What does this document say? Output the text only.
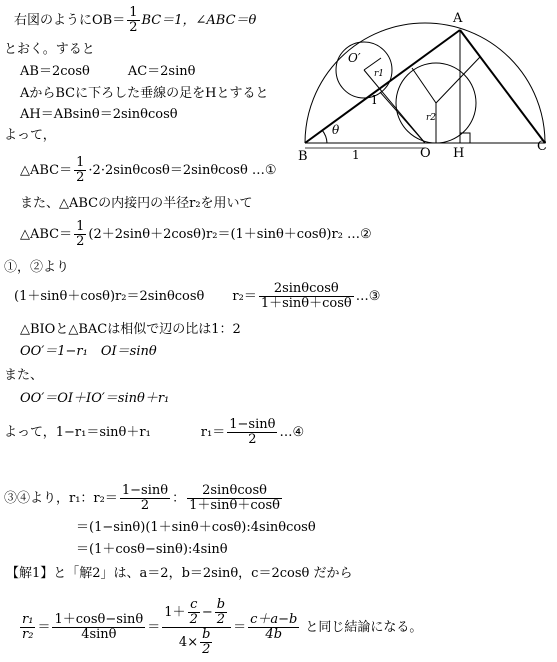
A
B
C
O H
I
O′
θ
1
r1
r2
右図のように$OB= \frac{1}{2} BC=1$，∠ABC＝θ
とおく。すると
AB＝2cosθ	AC＝2sinθ
AからBCに下ろした垂線の足をHとすると
AH＝ABsinθ＝2sinθcosθ
よって，
△ABC＝ $\frac{1}{2} \cdot 2\cdot 2\sin\theta\cos\theta=2\sin\theta\cos\theta$ …①
また、△ABCの内接円の半径r₂を用いて
△ABC＝ $\frac{1}{2} (2+2\sin\theta+2\cos\theta)r_2=(1+\sin\theta+\cos\theta)r_2$ …②
①，②より
(1＋sinθ＋cosθ)r₂＝2sinθcosθ $r_2= \frac{2\sin\theta\cos\theta}{1+\sin\theta+\cos\theta}$ …③
△BIOと△BACは相似で辺の比は1：2
OO′＝1−r₁　OI＝sinθ
また、
OO′＝OI＋IO′＝sinθ＋r₁
よって，1−r₁＝sinθ＋r₁	$r_1= \frac{1-\sin\theta}{2}$ …④
③④より，r₁：$r_2= \frac{1-\sin\theta}{2}$ ： $\frac{2\sin\theta\cos\theta}{1+\sin\theta+\cos\theta}$
＝(1−sinθ)(1＋sinθ＋cosθ):4sinθcosθ
＝(1＋cosθ−sinθ):4sinθ
【解1】と「解2」は、a＝2，b＝2sinθ，c＝2cosθ だから
$\frac{\text{r₁}}{\text{r₂}} = \frac{1+\cos\theta-\sin\theta}{4\sin\theta} = \frac{1+ \frac{c}{2} - \frac{b}{2}}{4\times \frac{b}{2}} = \frac{c+a-b}{4b}$ と同じ結論になる。
